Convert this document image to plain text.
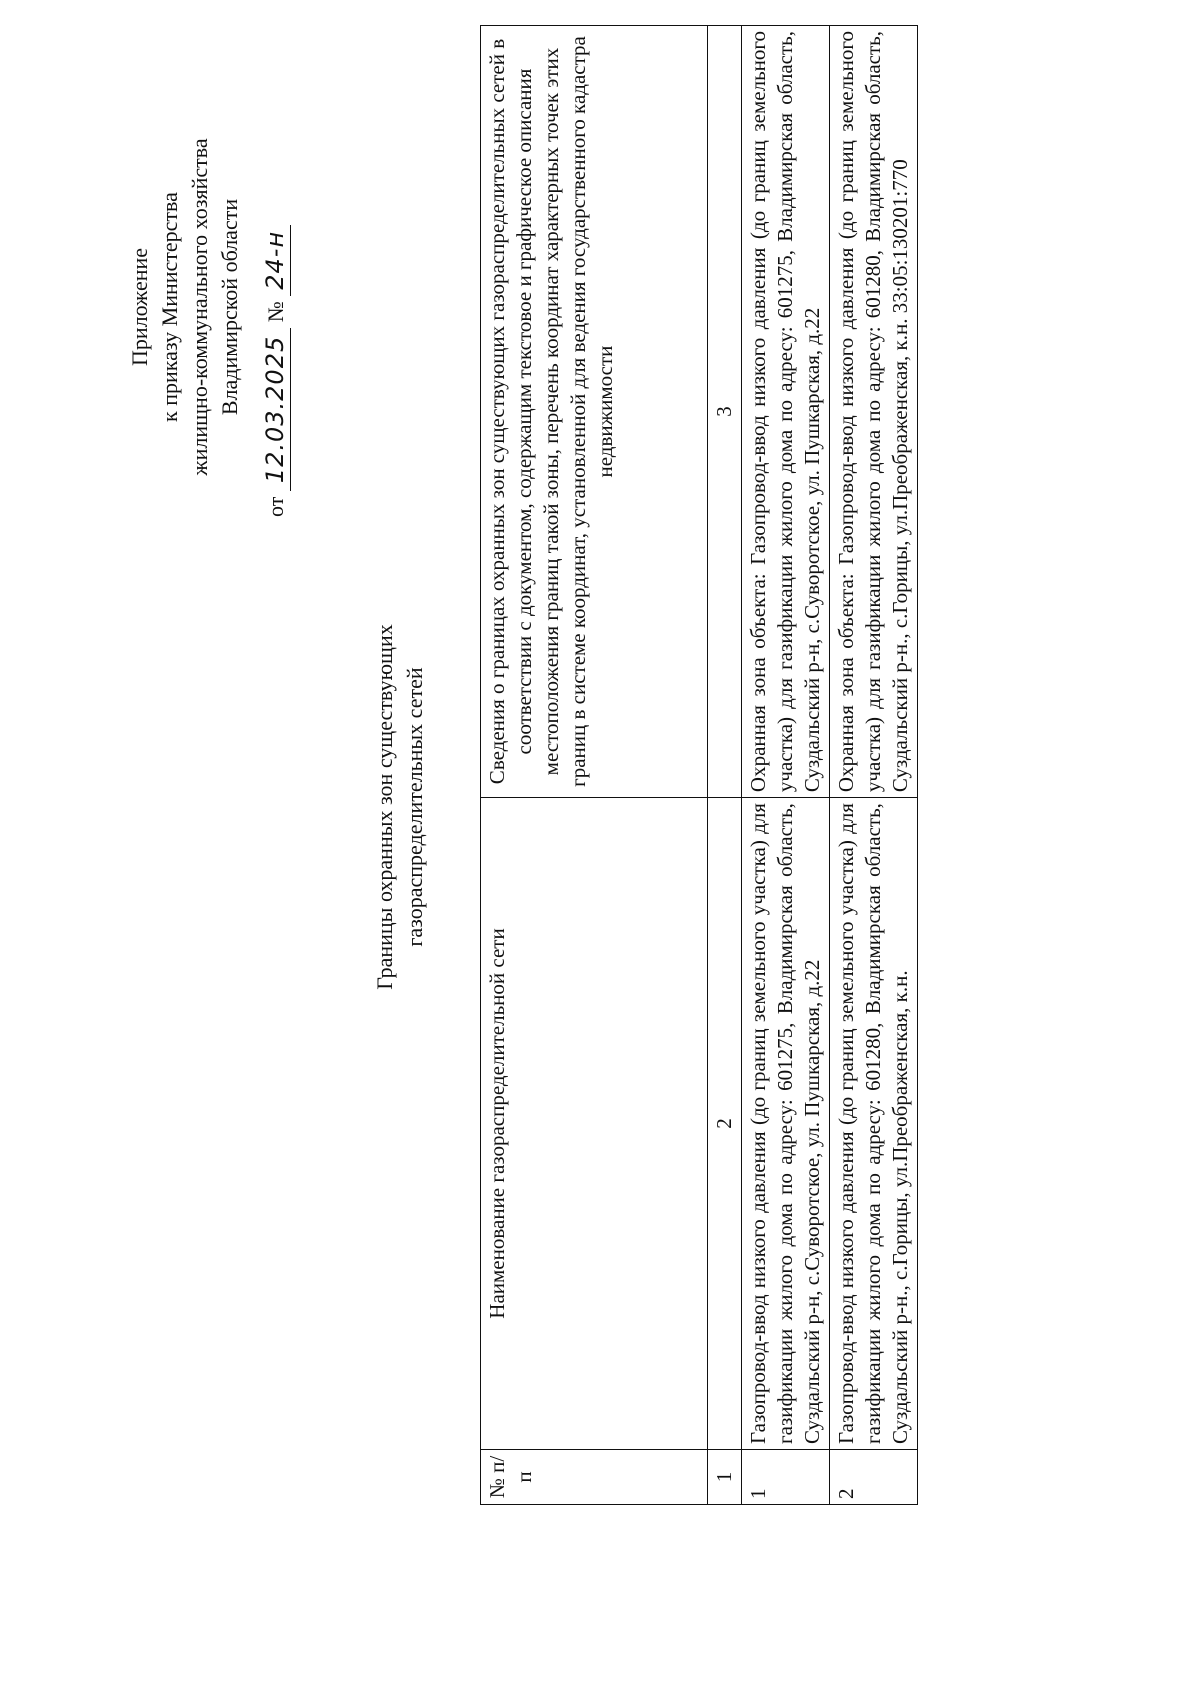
Приложение к приказу Министерства жилищно-коммунального хозяйства Владимирской области
от 12.03.2025 № 24-н
Границы охранных зон существующих газораспределительных сетей
№ п/п	Наименование газораспределительной сети	Сведения о границах охранных зон существующих газораспределительных сетей в соответствии с документом, содержащим текстовое и графическое описания местоположения границ такой зоны, перечень координат характерных точек этих границ в системе координат, установленной для ведения государственного кадастра недвижимости
1	2	3
1	Газопровод-ввод низкого давления (до границ земельного участка) для газификации жилого дома по адресу: 601275, Владимирская область, Суздальский р-н, с.Суворотское, ул. Пушкарская, д.22	Охранная зона объекта: Газопровод-ввод низкого давления (до границ земельного участка) для газификации жилого дома по адресу: 601275, Владимирская область, Суздальский р-н, с.Суворотское, ул. Пушкарская, д.22
2	Газопровод-ввод низкого давления (до границ земельного участка) для газификации жилого дома по адресу: 601280, Владимирская область, Суздальский р-н., с.Горицы, ул.Преображенская, к.н.	Охранная зона объекта: Газопровод-ввод низкого давления (до границ земельного участка) для газификации жилого дома по адресу: 601280, Владимирская область, Суздальский р-н., с.Горицы, ул.Преображенская, к.н. 33:05:130201:770
